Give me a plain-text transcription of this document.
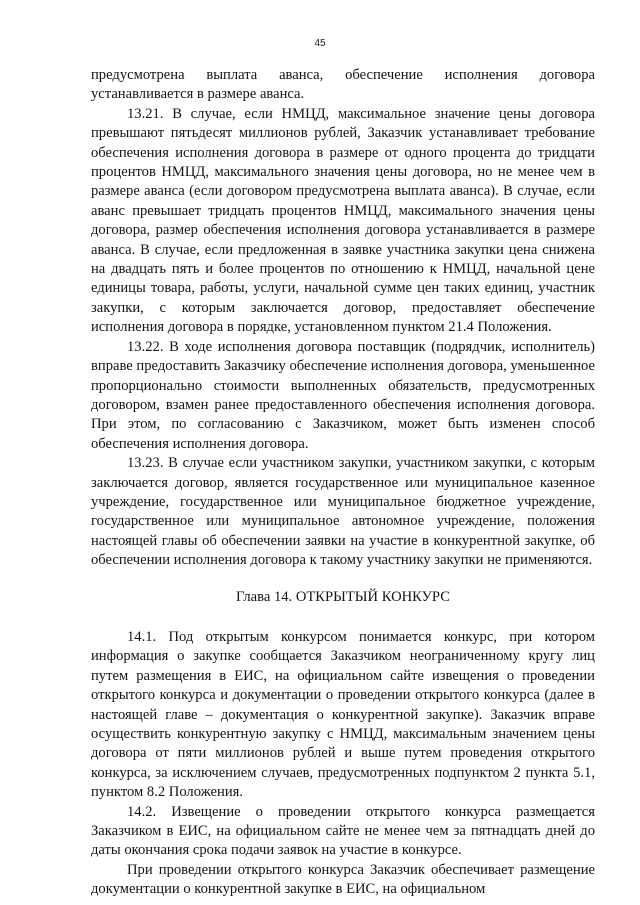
45

предусмотрена выплата аванса, обеспечение исполнения договора устанавливается в размере аванса.

13.21. В случае, если НМЦД, максимальное значение цены договора превышают пятьдесят миллионов рублей, Заказчик устанавливает требование обеспечения исполнения договора в размере от одного процента до тридцати процентов НМЦД, максимального значения цены договора, но не менее чем в размере аванса (если договором предусмотрена выплата аванса). В случае, если аванс превышает тридцать процентов НМЦД, максимального значения цены договора, размер обеспечения исполнения договора устанавливается в размере аванса. В случае, если предложенная в заявке участника закупки цена снижена на двадцать пять и более процентов по отношению к НМЦД, начальной цене единицы товара, работы, услуги, начальной сумме цен таких единиц, участник закупки, с которым заключается договор, предоставляет обеспечение исполнения договора в порядке, установленном пунктом 21.4 Положения.

13.22. В ходе исполнения договора поставщик (подрядчик, исполнитель) вправе предоставить Заказчику обеспечение исполнения договора, уменьшенное пропорционально стоимости выполненных обязательств, предусмотренных договором, взамен ранее предоставленного обеспечения исполнения договора. При этом, по согласованию с Заказчиком, может быть изменен способ обеспечения исполнения договора.

13.23. В случае если участником закупки, участником закупки, с которым заключается договор, является государственное или муниципальное казенное учреждение, государственное или муниципальное бюджетное учреждение, государственное или муниципальное автономное учреждение, положения настоящей главы об обеспечении заявки на участие в конкурентной закупке, об обеспечении исполнения договора к такому участнику закупки не применяются.

Глава 14. ОТКРЫТЫЙ КОНКУРС

14.1. Под открытым конкурсом понимается конкурс, при котором информация о закупке сообщается Заказчиком неограниченному кругу лиц путем размещения в ЕИС, на официальном сайте извещения о проведении открытого конкурса и документации о проведении открытого конкурса (далее в настоящей главе – документация о конкурентной закупке). Заказчик вправе осуществить конкурентную закупку с НМЦД, максимальным значением цены договора от пяти миллионов рублей и выше путем проведения открытого конкурса, за исключением случаев, предусмотренных подпунктом 2 пункта 5.1, пунктом 8.2 Положения.

14.2. Извещение о проведении открытого конкурса размещается Заказчиком в ЕИС, на официальном сайте не менее чем за пятнадцать дней до даты окончания срока подачи заявок на участие в конкурсе.

При проведении открытого конкурса Заказчик обеспечивает размещение документации о конкурентной закупке в ЕИС, на официальном
